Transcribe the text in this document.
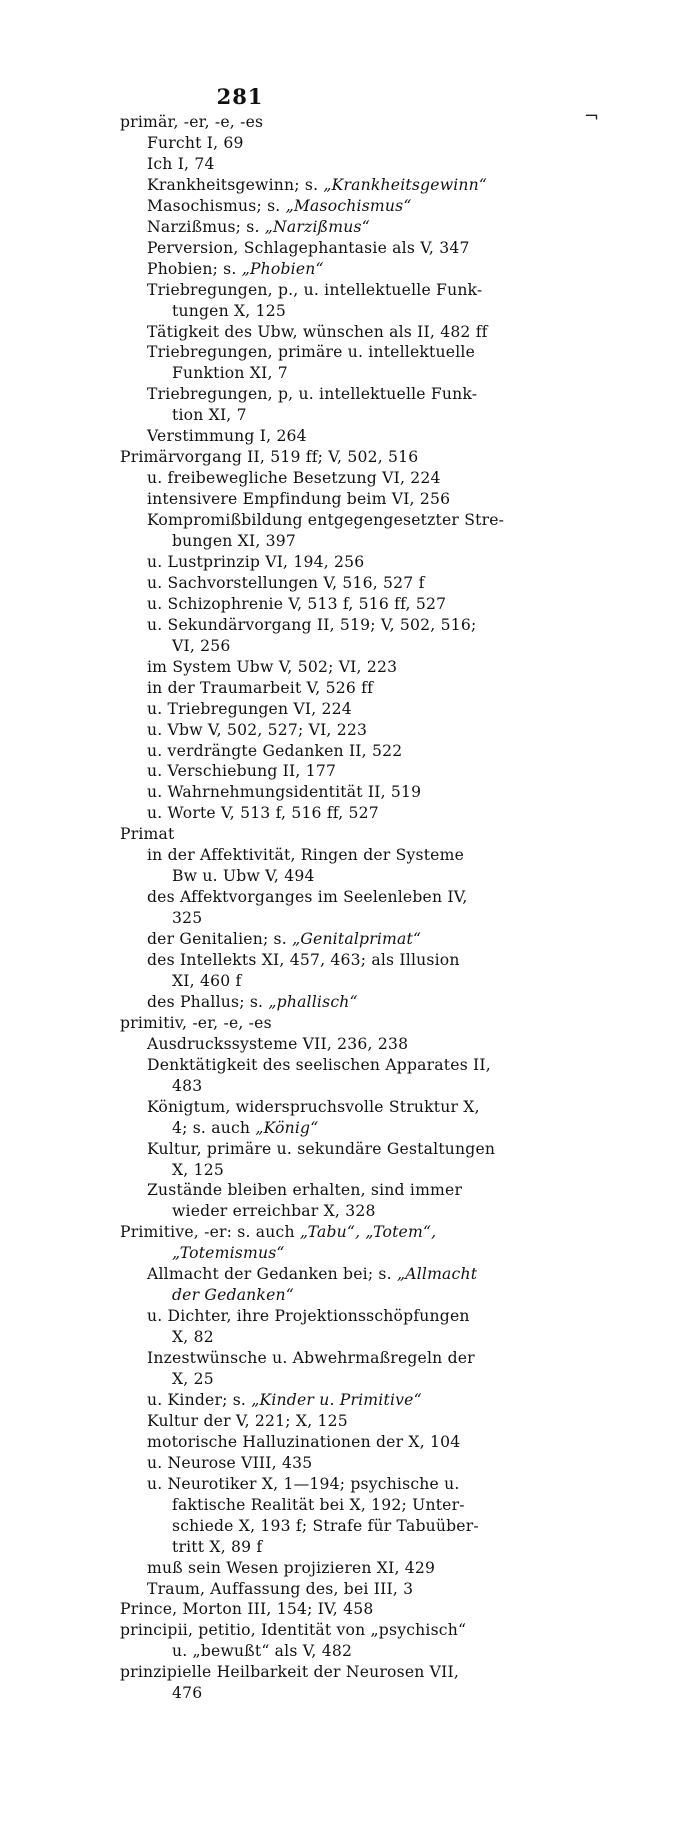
281
¬
primär, -er, -e, -es
Furcht I, 69
Ich I, 74
Krankheitsgewinn; s. „Krankheitsgewinn“
Masochismus; s. „Masochismus“
Narzißmus; s. „Narzißmus“
Perversion, Schlagephantasie als V, 347
Phobien; s. „Phobien“
Triebregungen, p., u. intellektuelle Funk-
tungen X, 125
Tätigkeit des Ubw, wünschen als II, 482 ff
Triebregungen, primäre u. intellektuelle
Funktion XI, 7
Triebregungen, p, u. intellektuelle Funk-
tion XI, 7
Verstimmung I, 264
Primärvorgang II, 519 ff; V, 502, 516
u. freibewegliche Besetzung VI, 224
intensivere Empfindung beim VI, 256
Kompromißbildung entgegengesetzter Stre-
bungen XI, 397
u. Lustprinzip VI, 194, 256
u. Sachvorstellungen V, 516, 527 f
u. Schizophrenie V, 513 f, 516 ff, 527
u. Sekundärvorgang II, 519; V, 502, 516;
VI, 256
im System Ubw V, 502; VI, 223
in der Traumarbeit V, 526 ff
u. Triebregungen VI, 224
u. Vbw V, 502, 527; VI, 223
u. verdrängte Gedanken II, 522
u. Verschiebung II, 177
u. Wahrnehmungsidentität II, 519
u. Worte V, 513 f, 516 ff, 527
Primat
in der Affektivität, Ringen der Systeme
Bw u. Ubw V, 494
des Affektvorganges im Seelenleben IV,
325
der Genitalien; s. „Genitalprimat“
des Intellekts XI, 457, 463; als Illusion
XI, 460 f
des Phallus; s. „phallisch“
primitiv, -er, -e, -es
Ausdruckssysteme VII, 236, 238
Denktätigkeit des seelischen Apparates II,
483
Königtum, widerspruchsvolle Struktur X,
4; s. auch „König“
Kultur, primäre u. sekundäre Gestaltungen
X, 125
Zustände bleiben erhalten, sind immer
wieder erreichbar X, 328
Primitive, -er: s. auch „Tabu“, „Totem“,
„Totemismus“
Allmacht der Gedanken bei; s. „Allmacht
der Gedanken“
u. Dichter, ihre Projektionsschöpfungen
X, 82
Inzestwünsche u. Abwehrmaßregeln der
X, 25
u. Kinder; s. „Kinder u. Primitive“
Kultur der V, 221; X, 125
motorische Halluzinationen der X, 104
u. Neurose VIII, 435
u. Neurotiker X, 1—194; psychische u.
faktische Realität bei X, 192; Unter-
schiede X, 193 f; Strafe für Tabuüber-
tritt X, 89 f
muß sein Wesen projizieren XI, 429
Traum, Auffassung des, bei III, 3
Prince, Morton III, 154; IV, 458
principii, petitio, Identität von „psychisch“
u. „bewußt“ als V, 482
prinzipielle Heilbarkeit der Neurosen VII,
476
